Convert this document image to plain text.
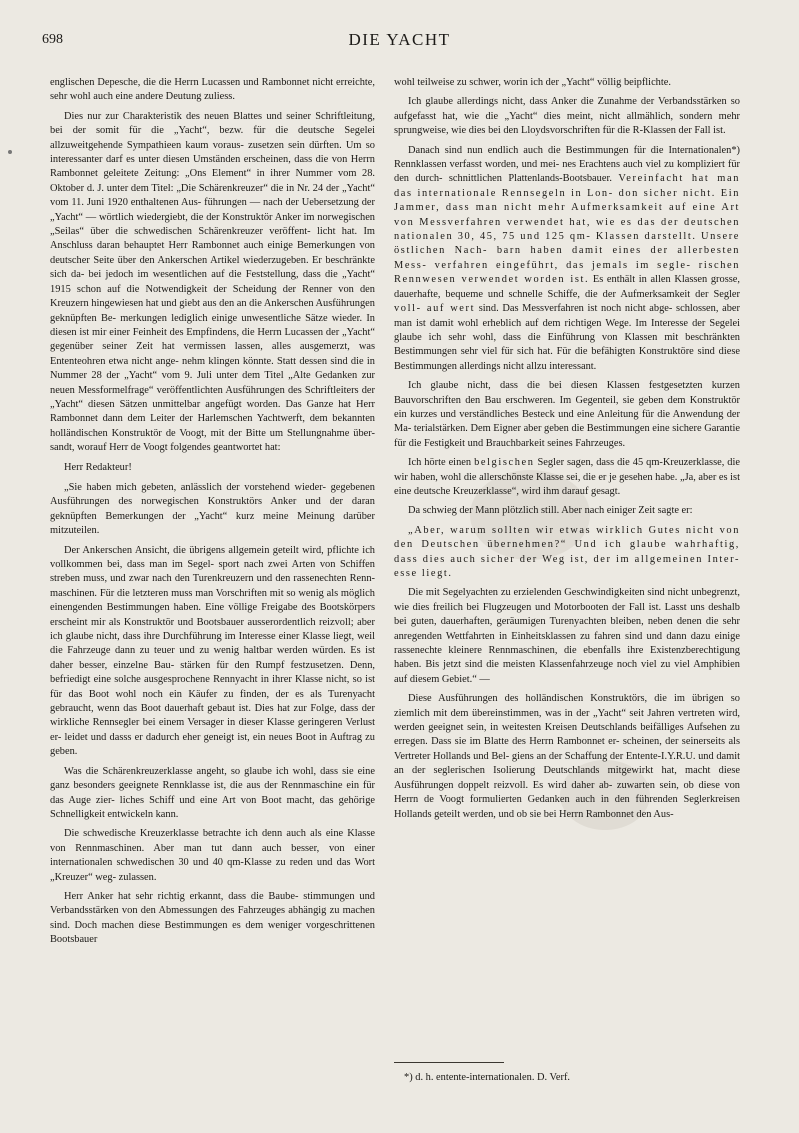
698	DIE YACHT

englischen Depesche, die die Herrn Lucassen und Rambonnet nicht erreichte, sehr wohl auch eine andere Deutung zuliess.

Dies nur zur Charakteristik des neuen Blattes und seiner Schriftleitung, bei der somit für die „Yacht“, bezw. für die deutsche Segelei allzuweitgehende Sympathieen kaum voraus- zusetzen sein dürften. Um so interessanter darf es unter diesen Umständen erscheinen, dass die von Herrn Rambonnet geleitete Zeitung: „Ons Element“ in ihrer Nummer vom 28. Oktober d. J. unter dem Titel: „Die Schärenkreuzer“ die in Nr. 24 der „Yacht“ vom 11. Juni 1920 enthaltenen Aus- führungen — nach der Uebersetzung der „Yacht“ — wörtlich wiedergiebt, die der Konstruktör Anker im norwegischen „Seilas“ über die schwedischen Schärenkreuzer veröffent- licht hat. Im Anschluss daran behauptet Herr Rambonnet auch einige Bemerkungen von deutscher Seite über den Ankerschen Artikel wiederzugeben. Er beschränkte sich da- bei jedoch im wesentlichen auf die Feststellung, dass die „Yacht“ 1915 schon auf die Notwendigkeit der Scheidung der Renner von den Kreuzern hingewiesen hat und giebt aus den an die Ankerschen Ausführungen geknüpften Be- merkungen lediglich einige unwesentliche Sätze wieder. In diesen ist mir einer Feinheit des Empfindens, die Herrn Lucassen der „Yacht“ gegenüber seiner Zeit hat vermissen lassen, alles ausgemerzt, was Ententeohren etwa nicht ange- nehm klingen könnte. Statt dessen sind die in Nummer 28 der „Yacht“ vom 9. Juli unter dem Titel „Alte Gedanken zur neuen Messformelfrage“ veröffentlichten Ausführungen des Schriftleiters der „Yacht“ diesen Sätzen unmittelbar angefügt worden. Das Ganze hat Herr Rambonnet dann dem Leiter der Harlemschen Yachtwerft, dem bekannten holländischen Konstruktör de Voogt, mit der Bitte um Stellungnahme über- sandt, worauf Herr de Voogt folgendes geantwortet hat:

Herr Redakteur!

„Sie haben mich gebeten, anlässlich der vorstehend wieder- gegebenen Ausführungen des norwegischen Konstruktörs Anker und der daran geknüpften Bemerkungen der „Yacht“ kurz meine Meinung darüber mitzuteilen.

Der Ankerschen Ansicht, die übrigens allgemein geteilt wird, pflichte ich vollkommen bei, dass man im Segel- sport nach zwei Arten von Schiffen streben muss, und zwar nach den Turenkreuzern und den rassenechten Renn- maschinen. Für die letzteren muss man Vorschriften mit so wenig als möglich einengenden Bestimmungen haben. Eine völlige Freigabe des Bootskörpers erscheint mir als Konstruktör und Bootsbauer ausserordentlich reizvoll; aber ich glaube nicht, dass ihre Durchführung im Interesse einer Klasse liegt, weil die Fahrzeuge dann zu teuer und zu wenig haltbar werden würden. Es ist daher besser, einzelne Bau- stärken für den Rumpf festzusetzen. Denn, befriedigt eine solche ausgesprochene Rennyacht in ihrer Klasse nicht, so ist für das Boot wohl noch ein Käufer zu finden, der es als Turenyacht gebraucht, wenn das Boot dauerhaft gebaut ist. Dies hat zur Folge, dass der wirkliche Rennsegler bei einem Versager in dieser Klasse geringeren Verlust er- leidet und dasss er dadurch eher geneigt ist, ein neues Boot in Auftrag zu geben.

Was die Schärenkreuzerklasse angeht, so glaube ich wohl, dass sie eine ganz besonders geeignete Rennklasse ist, die aus der Rennmaschine ein für das Auge zier- liches Schiff und eine Art von Boot macht, das gehörige Schnelligkeit entwickeln kann.

Die schwedische Kreuzerklasse betrachte ich denn auch als eine Klasse von Rennmaschinen. Aber man tut dann auch besser, von einer internationalen schwedischen 30 und 40 qm-Klasse zu reden und das Wort „Kreuzer“ weg- zulassen.

Herr Anker hat sehr richtig erkannt, dass die Baube- stimmungen und Verbandsstärken von den Abmessungen des Fahrzeuges abhängig zu machen sind. Doch machen diese Bestimmungen es dem weniger vorgeschrittenen Bootsbauer

wohl teilweise zu schwer, worin ich der „Yacht“ völlig beipflichte.

Ich glaube allerdings nicht, dass Anker die Zunahme der Verbandsstärken so aufgefasst hat, wie die „Yacht“ dies meint, nicht allmählich, sondern mehr sprungweise, wie dies bei den Lloydsvorschriften für die R-Klassen der Fall ist.

Danach sind nun endlich auch die Bestimmungen für die Internationalen*) Rennklassen verfasst worden, und mei- nes Erachtens auch viel zu kompliziert für den durch- schnittlichen Plattenlands-Bootsbauer. Vereinfacht hat man das internationale Rennsegeln in Lon- don sicher nicht. Ein Jammer, dass man nicht mehr Aufmerksamkeit auf eine Art von Messverfahren verwendet hat, wie es das der deutschen nationalen 30, 45, 75 und 125 qm- Klassen darstellt. Unsere östlichen Nach- barn haben damit eines der allerbesten Mess- verfahren eingeführt, das jemals im segle- rischen Rennwesen verwendet worden ist. Es enthält in allen Klassen grosse, dauerhafte, bequeme und schnelle Schiffe, die der Aufmerksamkeit der Segler voll- auf wert sind. Das Messverfahren ist noch nicht abge- schlossen, aber man ist damit wohl erheblich auf dem richtigen Wege. Im Interesse der Segelei glaube ich sehr wohl, dass die Einführung von Klassen mit beschränkten Bestimmungen sehr viel für sich hat. Für die befähigten Konstruktöre sind diese Bestimmungen allerdings nicht allzu interessant.

Ich glaube nicht, dass die bei diesen Klassen festgesetzten kurzen Bauvorschriften den Bau erschweren. Im Gegenteil, sie geben dem Konstruktör ein kurzes und verständliches Besteck und eine Anleitung für die Anwendung der Ma- terialstärken. Dem Eigner aber geben die Bestimmungen eine sichere Garantie für die Festigkeit und Brauchbarkeit seines Fahrzeuges.

Ich hörte einen belgischen Segler sagen, dass die 45 qm-Kreuzerklasse, die wir haben, wohl die allerschönste Klasse sei, die er je gesehen habe. „Ja, aber es ist eine deutsche Kreuzerklasse“, wird ihm darauf gesagt.

Da schwieg der Mann plötzlich still. Aber nach einiger Zeit sagte er:

„Aber, warum sollten wir etwas wirklich Gutes nicht von den Deutschen übernehmen?“ Und ich glaube wahrhaftig, dass dies auch sicher der Weg ist, der im allgemeinen Inter- esse liegt.

Die mit Segelyachten zu erzielenden Geschwindigkeiten sind nicht unbegrenzt, wie dies freilich bei Flugzeugen und Motorbooten der Fall ist. Lasst uns deshalb bei guten, dauerhaften, geräumigen Turenyachten bleiben, neben denen die sehr anregenden Wettfahrten in Einheitsklassen zu fahren sind und dann dazu einige rassenechte kleinere Rennmaschinen, die ebenfalls ihre Existenzberechtigung haben. Bis jetzt sind die meisten Klassenfahrzeuge noch viel zu viel Amphibien auf diesem Gebiet.“ —

Diese Ausführungen des holländischen Konstruktörs, die im übrigen so ziemlich mit dem übereinstimmen, was in der „Yacht“ seit Jahren vertreten wird, werden geeignet sein, in weitesten Kreisen Deutschlands beifälliges Aufsehen zu erregen. Dass sie im Blatte des Herrn Rambonnet er- scheinen, der seinerseits als Vertreter Hollands und Bel- giens an der Schaffung der Entente-I.Y.R.U. und damit an der seglerischen Isolierung Deutschlands mitgewirkt hat, macht diese Ausführungen doppelt reizvoll. Es wird daher ab- zuwarten sein, ob diese von Herrn de Voogt formulierten Gedanken auch in den führenden Seglerkreisen Hollands geteilt werden, und ob sie bei Herrn Rambonnet den Aus-

*) d. h. entente-internationalen. D. Verf.
